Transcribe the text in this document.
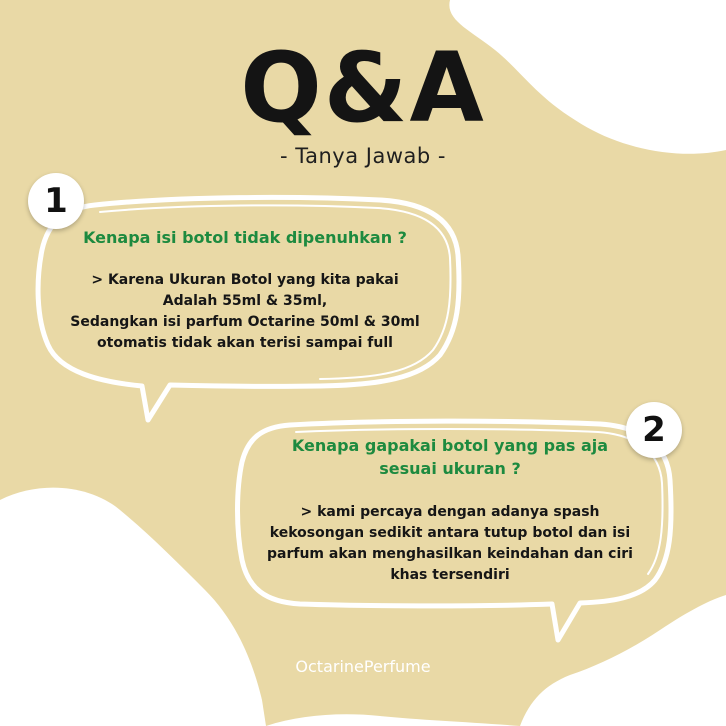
Q&A
- Tanya Jawab -
1
2
Kenapa isi botol tidak dipenuhkan ?
> Karena Ukuran Botol yang kita pakai
Adalah 55ml & 35ml,
Sedangkan isi parfum Octarine 50ml & 30ml
otomatis tidak akan terisi sampai full
Kenapa gapakai botol yang pas aja
sesuai ukuran ?
> kami percaya dengan adanya spash
kekosongan sedikit antara tutup botol dan isi
parfum akan menghasilkan keindahan dan ciri
khas tersendiri
OctarinePerfume
